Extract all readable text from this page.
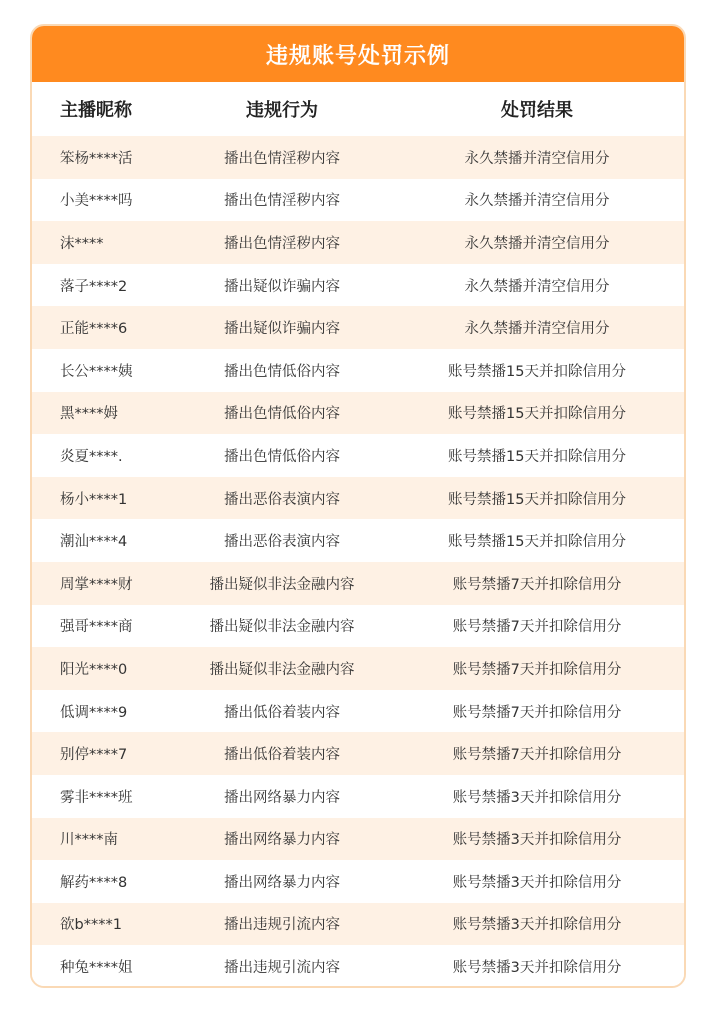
违规账号处罚示例
主播昵称	违规行为	处罚结果
笨杨****活	播出色情淫秽内容	永久禁播并清空信用分
小美****吗	播出色情淫秽内容	永久禁播并清空信用分
沫****	播出色情淫秽内容	永久禁播并清空信用分
落子****2	播出疑似诈骗内容	永久禁播并清空信用分
正能****6	播出疑似诈骗内容	永久禁播并清空信用分
长公****姨	播出色情低俗内容	账号禁播15天并扣除信用分
黑****姆	播出色情低俗内容	账号禁播15天并扣除信用分
炎夏****.	播出色情低俗内容	账号禁播15天并扣除信用分
杨小****1	播出恶俗表演内容	账号禁播15天并扣除信用分
潮汕****4	播出恶俗表演内容	账号禁播15天并扣除信用分
周掌****财	播出疑似非法金融内容	账号禁播7天并扣除信用分
强哥****商	播出疑似非法金融内容	账号禁播7天并扣除信用分
阳光****0	播出疑似非法金融内容	账号禁播7天并扣除信用分
低调****9	播出低俗着装内容	账号禁播7天并扣除信用分
别停****7	播出低俗着装内容	账号禁播7天并扣除信用分
雾非****班	播出网络暴力内容	账号禁播3天并扣除信用分
川****南	播出网络暴力内容	账号禁播3天并扣除信用分
解药****8	播出网络暴力内容	账号禁播3天并扣除信用分
欲b****1	播出违规引流内容	账号禁播3天并扣除信用分
种兔****姐	播出违规引流内容	账号禁播3天并扣除信用分
